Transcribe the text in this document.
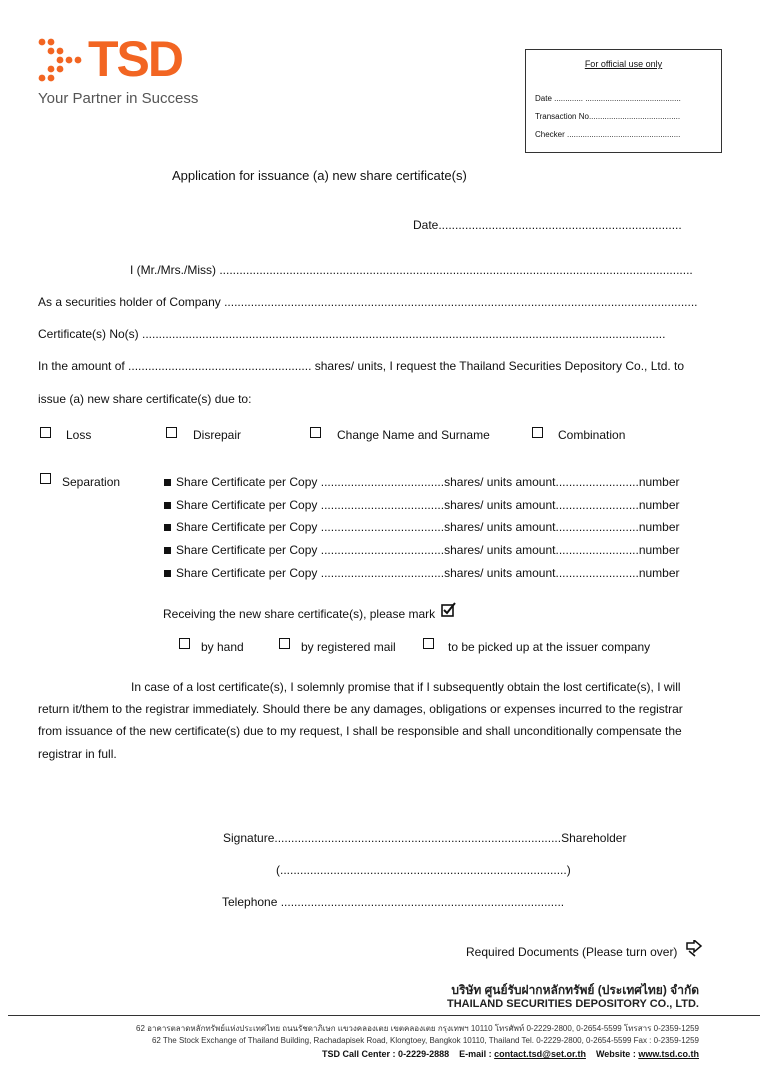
TSD
Your Partner in Success
For official use only
Date ............. ...........................................
Transaction No.........................................
Checker ...................................................
Application for issuance (a) new share certificate(s)
Date.........................................................................
I (Mr./Mrs./Miss) ..............................................................................................................................................
As a securities holder of Company ..............................................................................................................................................
Certificate(s) No(s) .............................................................................................................................................................
In the amount of ....................................................... shares/ units, I request the Thailand Securities Depository Co., Ltd. to
issue (a) new share certificate(s) due to:
Loss	Disrepair	Change Name and Surname	Combination
Separation	Share Certificate per Copy .....................................shares/ units amount.........................number
Share Certificate per Copy .....................................shares/ units amount.........................number
Share Certificate per Copy .....................................shares/ units amount.........................number
Share Certificate per Copy .....................................shares/ units amount.........................number
Share Certificate per Copy .....................................shares/ units amount.........................number
Receiving the new share certificate(s), please mark
by hand	by registered mail	to be picked up at the issuer company
In case of a lost certificate(s), I solemnly promise that if I subsequently obtain the lost certificate(s), I will
return it/them to the registrar immediately. Should there be any damages, obligations or expenses incurred to the registrar
from issuance of the new certificate(s) due to my request, I shall be responsible and shall unconditionally compensate the
registrar in full.
Signature......................................................................................Shareholder
(......................................................................................)
Telephone .....................................................................................
Required Documents (Please turn over)
บริษัท ศูนย์รับฝากหลักทรัพย์ (ประเทศไทย) จำกัด
THAILAND SECURITIES DEPOSITORY CO., LTD.
62 อาคารตลาดหลักทรัพย์แห่งประเทศไทย ถนนรัชดาภิเษก แขวงคลองเตย เขตคลองเตย กรุงเทพฯ 10110 โทรศัพท์ 0-2229-2800, 0-2654-5599 โทรสาร 0-2359-1259
62 The Stock Exchange of Thailand Building, Rachadapisek Road, Klongtoey, Bangkok 10110, Thailand Tel. 0-2229-2800, 0-2654-5599 Fax : 0-2359-1259
TSD Call Center : 0-2229-2888 E-mail : contact.tsd@set.or.th Website : www.tsd.co.th
